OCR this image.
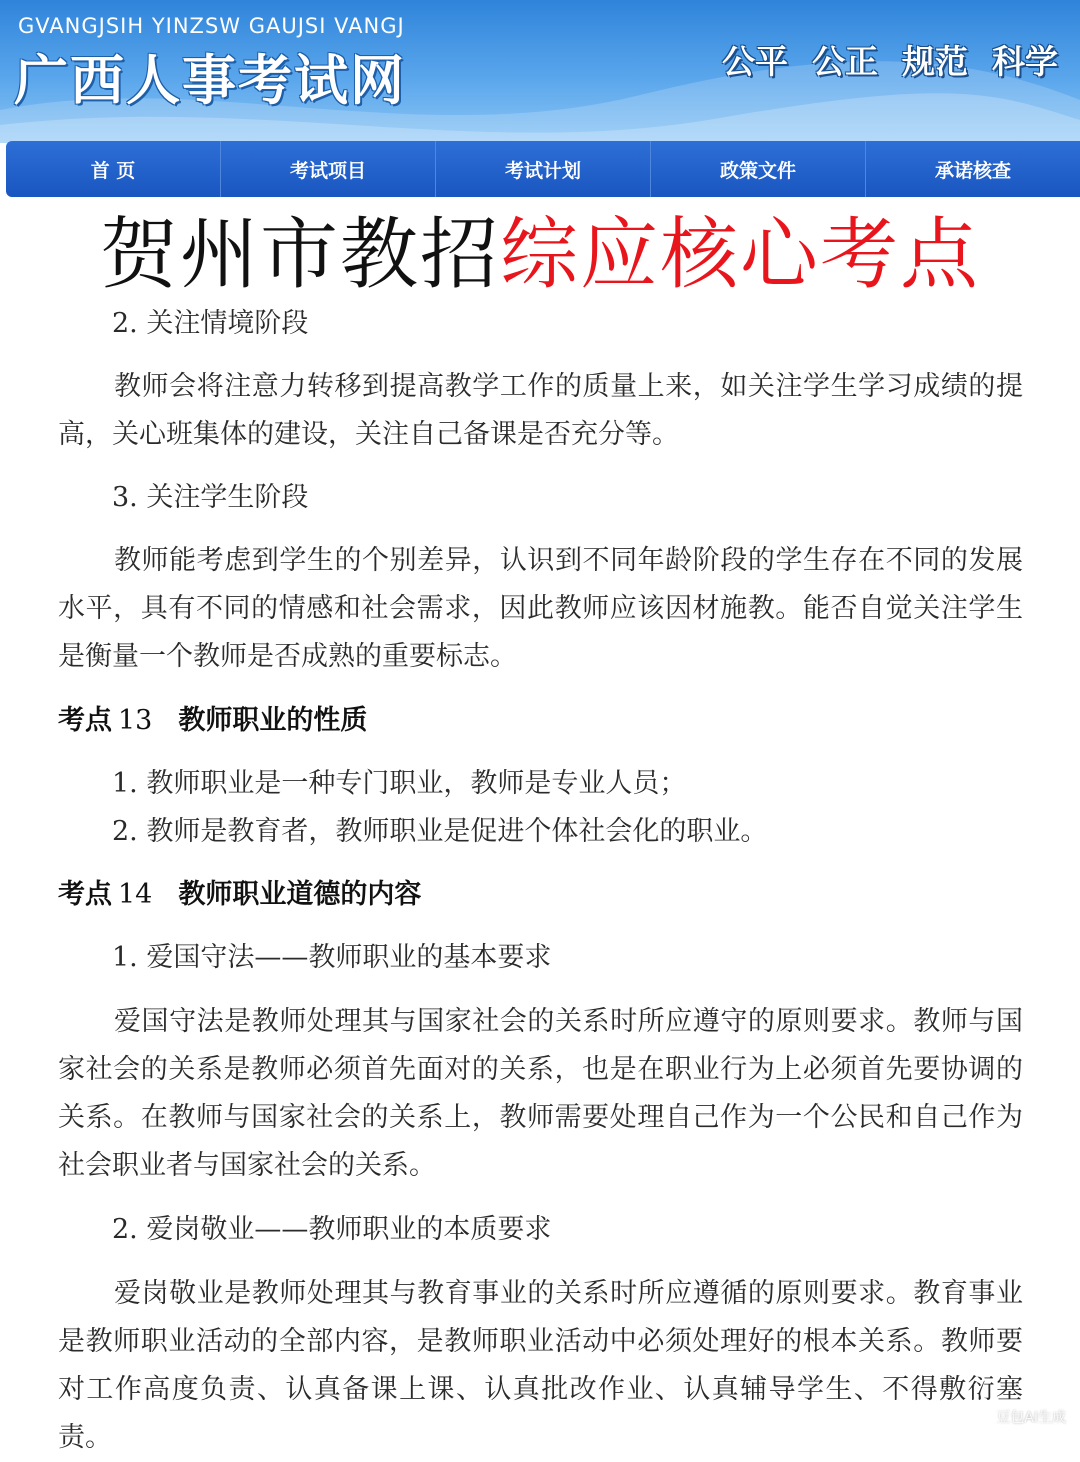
GVANGJSIH YINZSW GAUJSI VANGJ
广西人事考试网	公平 公正 规范 科学
首 页	考试项目	考试计划	政策文件	承诺核查
贺州市教招综应核心考点
2. 关注情境阶段

教师会将注意力转移到提高教学工作的质量上来，如关注学生学习成绩的提高，关心班集体的建设，关注自己备课是否充分等。

3. 关注学生阶段

教师能考虑到学生的个别差异，认识到不同年龄阶段的学生存在不同的发展水平，具有不同的情感和社会需求，因此教师应该因材施教。能否自觉关注学生是衡量一个教师是否成熟的重要标志。

考点 13 教师职业的性质
1. 教师职业是一种专门职业，教师是专业人员；
2. 教师是教育者，教师职业是促进个体社会化的职业。
考点 14 教师职业道德的内容
1. 爱国守法——教师职业的基本要求

爱国守法是教师处理其与国家社会的关系时所应遵守的原则要求。教师与国家社会的关系是教师必须首先面对的关系，也是在职业行为上必须首先要协调的关系。在教师与国家社会的关系上，教师需要处理自己作为一个公民和自己作为社会职业者与国家社会的关系。

2. 爱岗敬业——教师职业的本质要求

爱岗敬业是教师处理其与教育事业的关系时所应遵循的原则要求。教育事业是教师职业活动的全部内容，是教师职业活动中必须处理好的根本关系。教师要对工作高度负责、认真备课上课、认真批改作业、认真辅导学生、不得敷衍塞责。

豆包AI生成
